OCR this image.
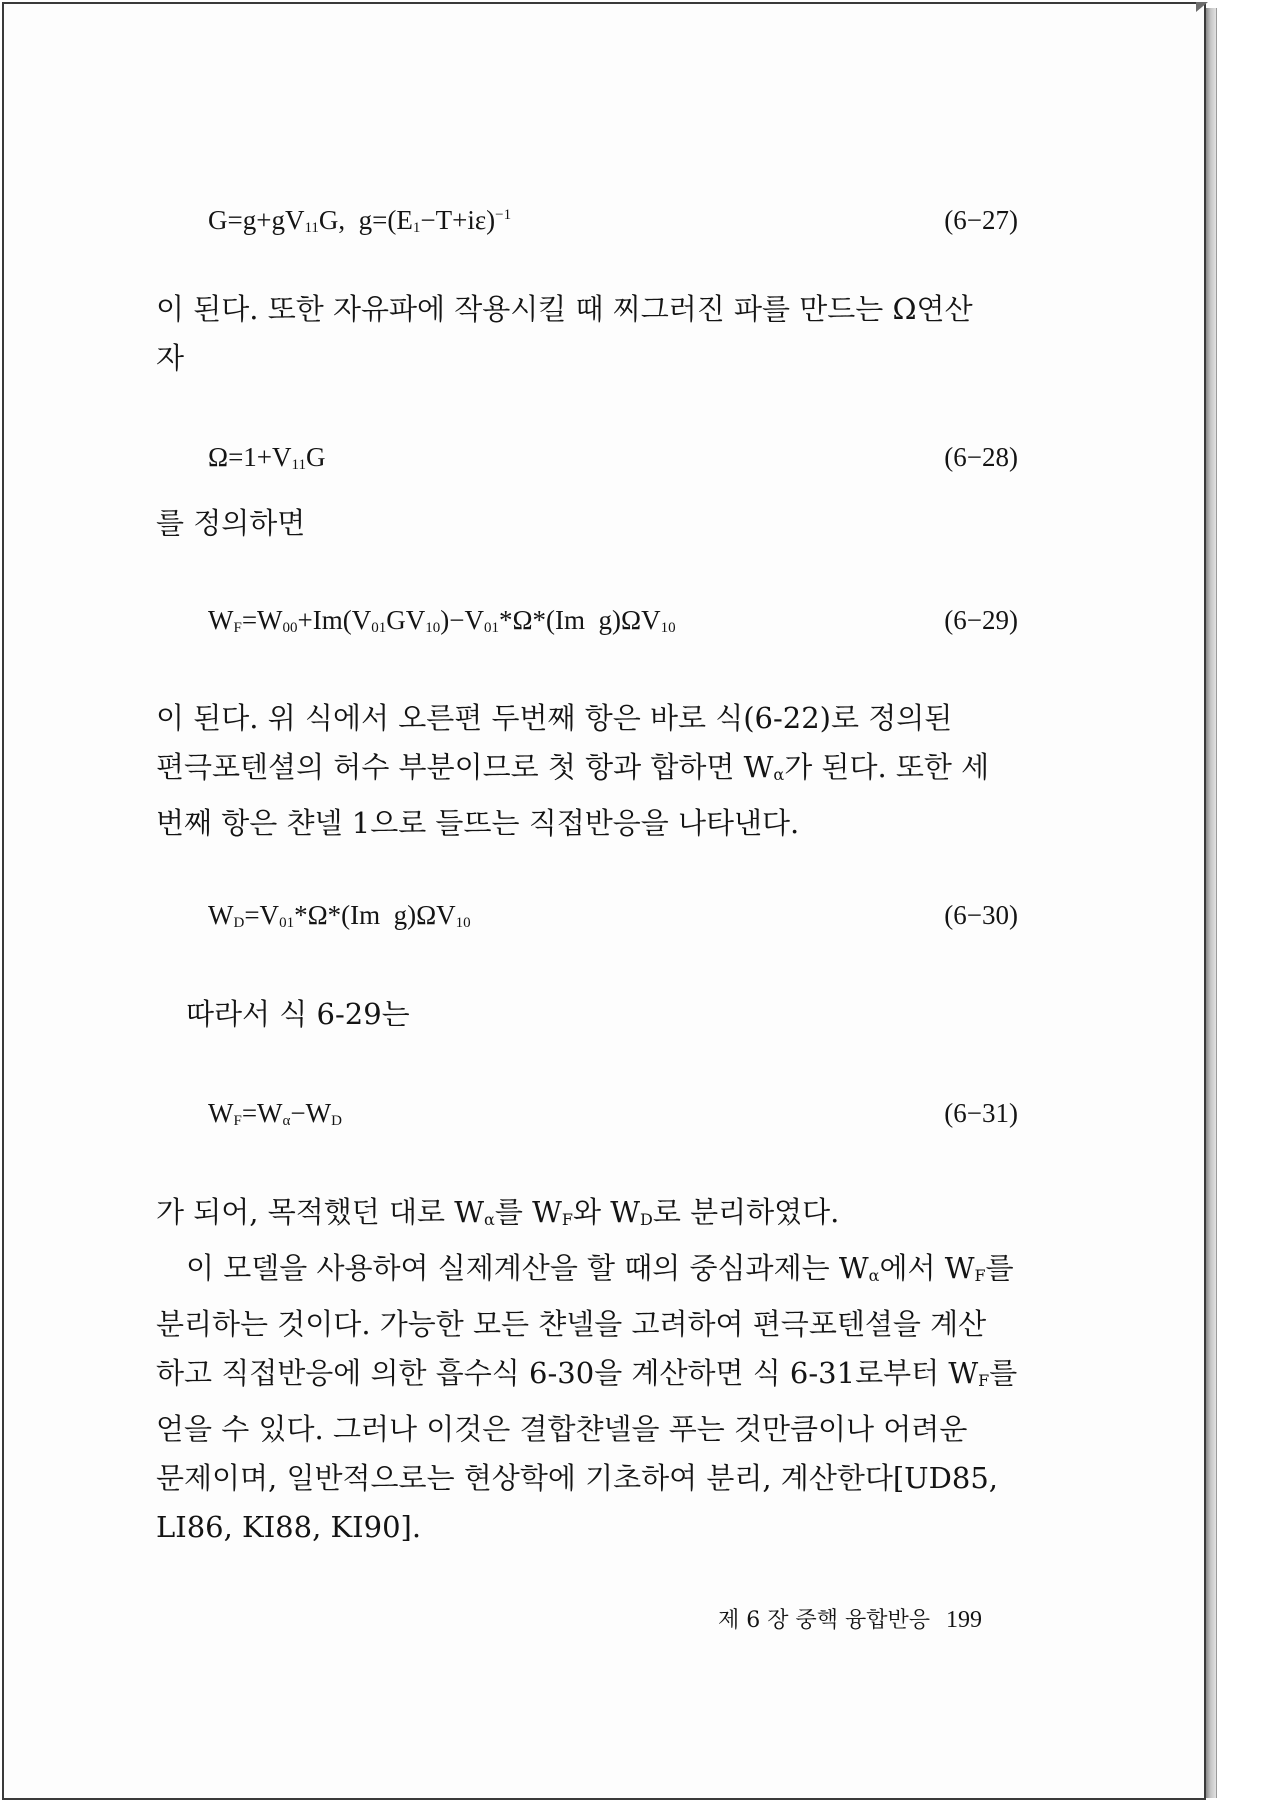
$G=g+gV_{11}G$,  $g=(E_1-T+i\varepsilon)^{-1}$	(6−27)
이 된다. 또한 자유파에 작용시킬 때 찌그러진 파를 만드는 Ω연산
자
$\Omega=1+V_{11}G$	(6−28)
를 정의하면
$W_F=W_{00}+Im(V_{01}GV_{10})-V_{01}*\Omega*(Im$  $g)\Omega V_{10}$	(6−29)
이 된다. 위 식에서 오른편 두번째 항은 바로 식(6-22)로 정의된
편극포텐셜의 허수 부분이므로 첫 항과 합하면 $W_\alpha$가 된다. 또한 세
번째 항은 챤넬 1으로 들뜨는 직접반응을 나타낸다.
$W_D=V_{01}*\Omega*(Im$  $g)\Omega V_{10}$	(6−30)
따라서 식 6-29는
$W_F=W_\alpha-W_D$	(6−31)
가 되어, 목적했던 대로 $W_\alpha$를 $W_F$와 $W_D$로 분리하였다.
이 모델을 사용하여 실제계산을 할 때의 중심과제는 $W_\alpha$에서 $W_F$를
분리하는 것이다. 가능한 모든 챤넬을 고려하여 편극포텐셜을 계산
하고 직접반응에 의한 흡수식 6-30을 계산하면 식 6-31로부터 $W_F$를
얻을 수 있다. 그러나 이것은 결합챤넬을 푸는 것만큼이나 어려운
문제이며, 일반적으로는 현상학에 기초하여 분리, 계산한다[UD85,
LI86, KI88, KI90].
제 6 장 중핵 융합반응 199
